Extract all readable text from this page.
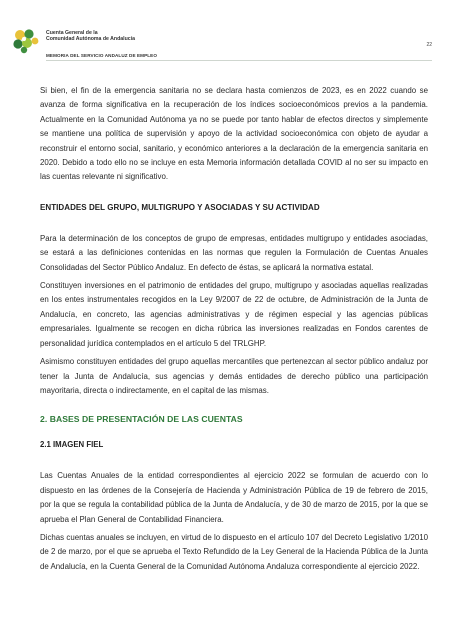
Cuenta General de la
Comunidad Autónoma de Andalucía
MEMORIA DEL SERVICIO ANDALUZ DE EMPLEO
22

Si bien, el fin de la emergencia sanitaria no se declara hasta comienzos de 2023, es en 2022 cuando se avanza de forma significativa en la recuperación de los índices socioeconómicos previos a la pandemia. Actualmente en la Comunidad Autónoma ya no se puede por tanto hablar de efectos directos y simplemente se mantiene una política de supervisión y apoyo de la actividad socioeconómica con objeto de ayudar a reconstruir el entorno social, sanitario, y económico anteriores a la declaración de la emergencia sanitaria en 2020. Debido a todo ello no se incluye en esta Memoria información detallada COVID al no ser su impacto en las cuentas relevante ni significativo.

ENTIDADES DEL GRUPO, MULTIGRUPO Y ASOCIADAS Y SU ACTIVIDAD

Para la determinación de los conceptos de grupo de empresas, entidades multigrupo y entidades asociadas, se estará a las definiciones contenidas en las normas que regulen la Formulación de Cuentas Anuales Consolidadas del Sector Público Andaluz. En defecto de éstas, se aplicará la normativa estatal.

Constituyen inversiones en el patrimonio de entidades del grupo, multigrupo y asociadas aquellas realizadas en los entes instrumentales recogidos en la Ley 9/2007 de 22 de octubre, de Administración de la Junta de Andalucía, en concreto, las agencias administrativas y de régimen especial y las agencias públicas empresariales. Igualmente se recogen en dicha rúbrica las inversiones realizadas en Fondos carentes de personalidad jurídica contemplados en el artículo 5 del TRLGHP.

Asimismo constituyen entidades del grupo aquellas mercantiles que pertenezcan al sector público andaluz por tener la Junta de Andalucía, sus agencias y demás entidades de derecho público una participación mayoritaria, directa o indirectamente, en el capital de las mismas.

2. BASES DE PRESENTACIÓN DE LAS CUENTAS
2.1 IMAGEN FIEL

Las Cuentas Anuales de la entidad correspondientes al ejercicio 2022 se formulan de acuerdo con lo dispuesto en las órdenes de la Consejería de Hacienda y Administración Pública de 19 de febrero de 2015, por la que se regula la contabilidad pública de la Junta de Andalucía, y de 30 de marzo de 2015, por la que se aprueba el Plan General de Contabilidad Financiera.

Dichas cuentas anuales se incluyen, en virtud de lo dispuesto en el artículo 107 del Decreto Legislativo 1/2010 de 2 de marzo, por el que se aprueba el Texto Refundido de la Ley General de la Hacienda Pública de la Junta de Andalucía, en la Cuenta General de la Comunidad Autónoma Andaluza correspondiente al ejercicio 2022.
